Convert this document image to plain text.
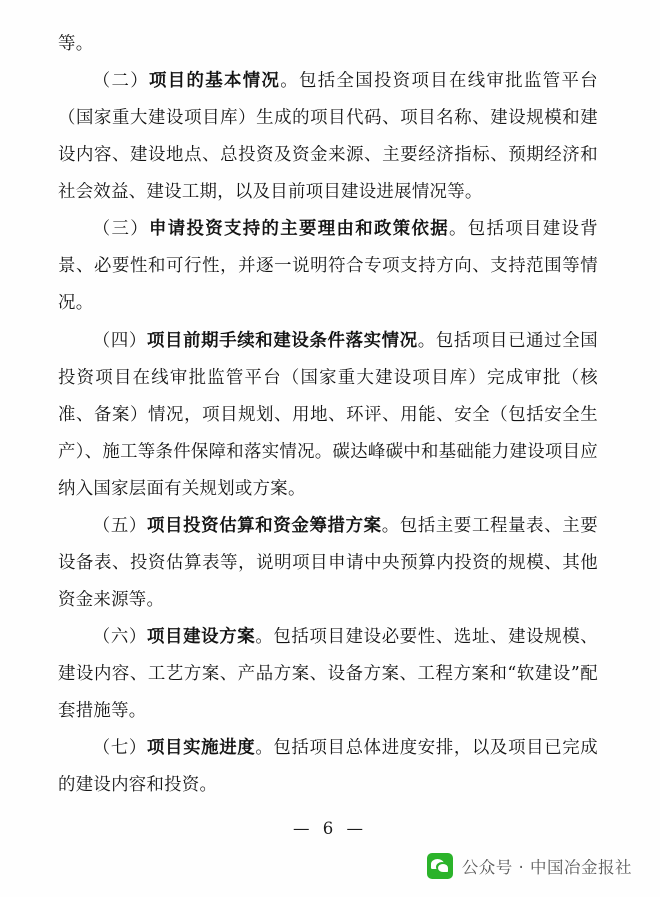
等。

（二）项目的基本情况。包括全国投资项目在线审批监管平台（国家重大建设项目库）生成的项目代码、项目名称、建设规模和建设内容、建设地点、总投资及资金来源、主要经济指标、预期经济和社会效益、建设工期，以及目前项目建设进展情况等。

（三）申请投资支持的主要理由和政策依据。包括项目建设背景、必要性和可行性，并逐一说明符合专项支持方向、支持范围等情况。

（四）项目前期手续和建设条件落实情况。包括项目已通过全国投资项目在线审批监管平台（国家重大建设项目库）完成审批（核准、备案）情况，项目规划、用地、环评、用能、安全（包括安全生产）、施工等条件保障和落实情况。碳达峰碳中和基础能力建设项目应纳入国家层面有关规划或方案。

（五）项目投资估算和资金筹措方案。包括主要工程量表、主要设备表、投资估算表等，说明项目申请中央预算内投资的规模、其他资金来源等。

（六）项目建设方案。包括项目建设必要性、选址、建设规模、建设内容、工艺方案、产品方案、设备方案、工程方案和“软建设”配套措施等。

（七）项目实施进度。包括项目总体进度安排，以及项目已完成的建设内容和投资。

— 6 —
公众号 · 中国冶金报社
